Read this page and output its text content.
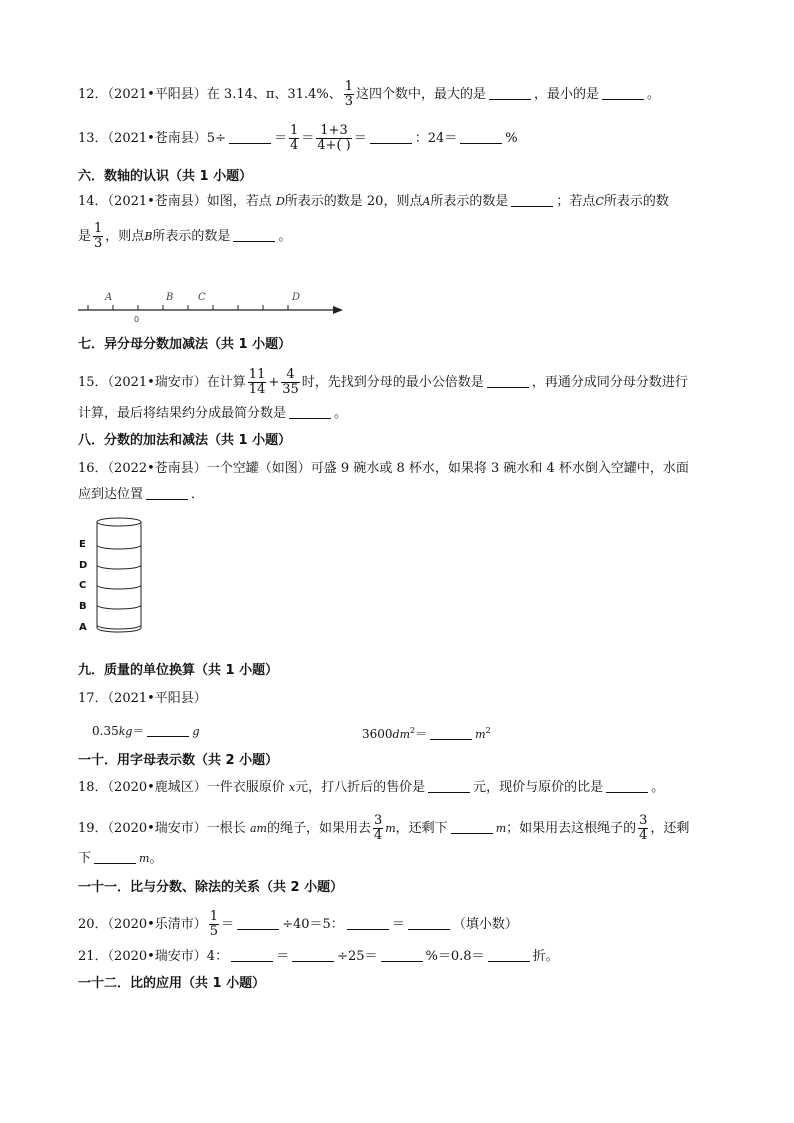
12．（2021•平阳县）在 3.14、π、31.4%、 $\frac{1}{3}$ 这四个数中，最大的是	，最小的是	。
13．（2021•苍南县）5÷	＝ $\frac{1}{4} = \frac{1+3}{4+( )}$ ＝	：24＝	%
六．数轴的认识（共 1 小题）
14．（2021•苍南县）如图，若点 D所表示的数是 20，则点A所表示的数是	；若点C所表示的数
是 $\frac{1}{3}$ ，则点B所表示的数是	。
A
0
B C	D
七．异分母分数加减法（共 1 小题）
15．（2021•瑞安市）在计算 $\frac{11}{14} + \frac{4}{35}$ 时，先找到分母的最小公倍数是	，再通分成同分母分数进行
计算，最后将结果约分成最简分数是	。
八．分数的加法和减法（共 1 小题）
16．（2022•苍南县）一个空罐（如图）可盛 9 碗水或 8 杯水，如果将 3 碗水和 4 杯水倒入空罐中，水面
应到达位置	．
E
D
C
B
A
九．质量的单位换算（共 1 小题）
17．（2021•平阳县）
0.35kg＝	g	$3600dm^2=$	$m^2$
一十．用字母表示数（共 2 小题）
18．（2020•鹿城区）一件衣服原价 x元，打八折后的售价是	元，现价与原价的比是	。
19．（2020•瑞安市）一根长 am的绳子，如果用去 $\frac{3}{4}$ m，还剩下	m；如果用去这根绳子的 $\frac{3}{4}$ ，还剩
下	m。
一十一．比与分数、除法的关系（共 2 小题）
20．（2020•乐清市） $\frac{1}{5}$ ＝	÷40＝5：	＝	（填小数）
21．（2020•瑞安市）4：	＝	÷25＝	%＝0.8＝	折。
一十二．比的应用（共 1 小题）
